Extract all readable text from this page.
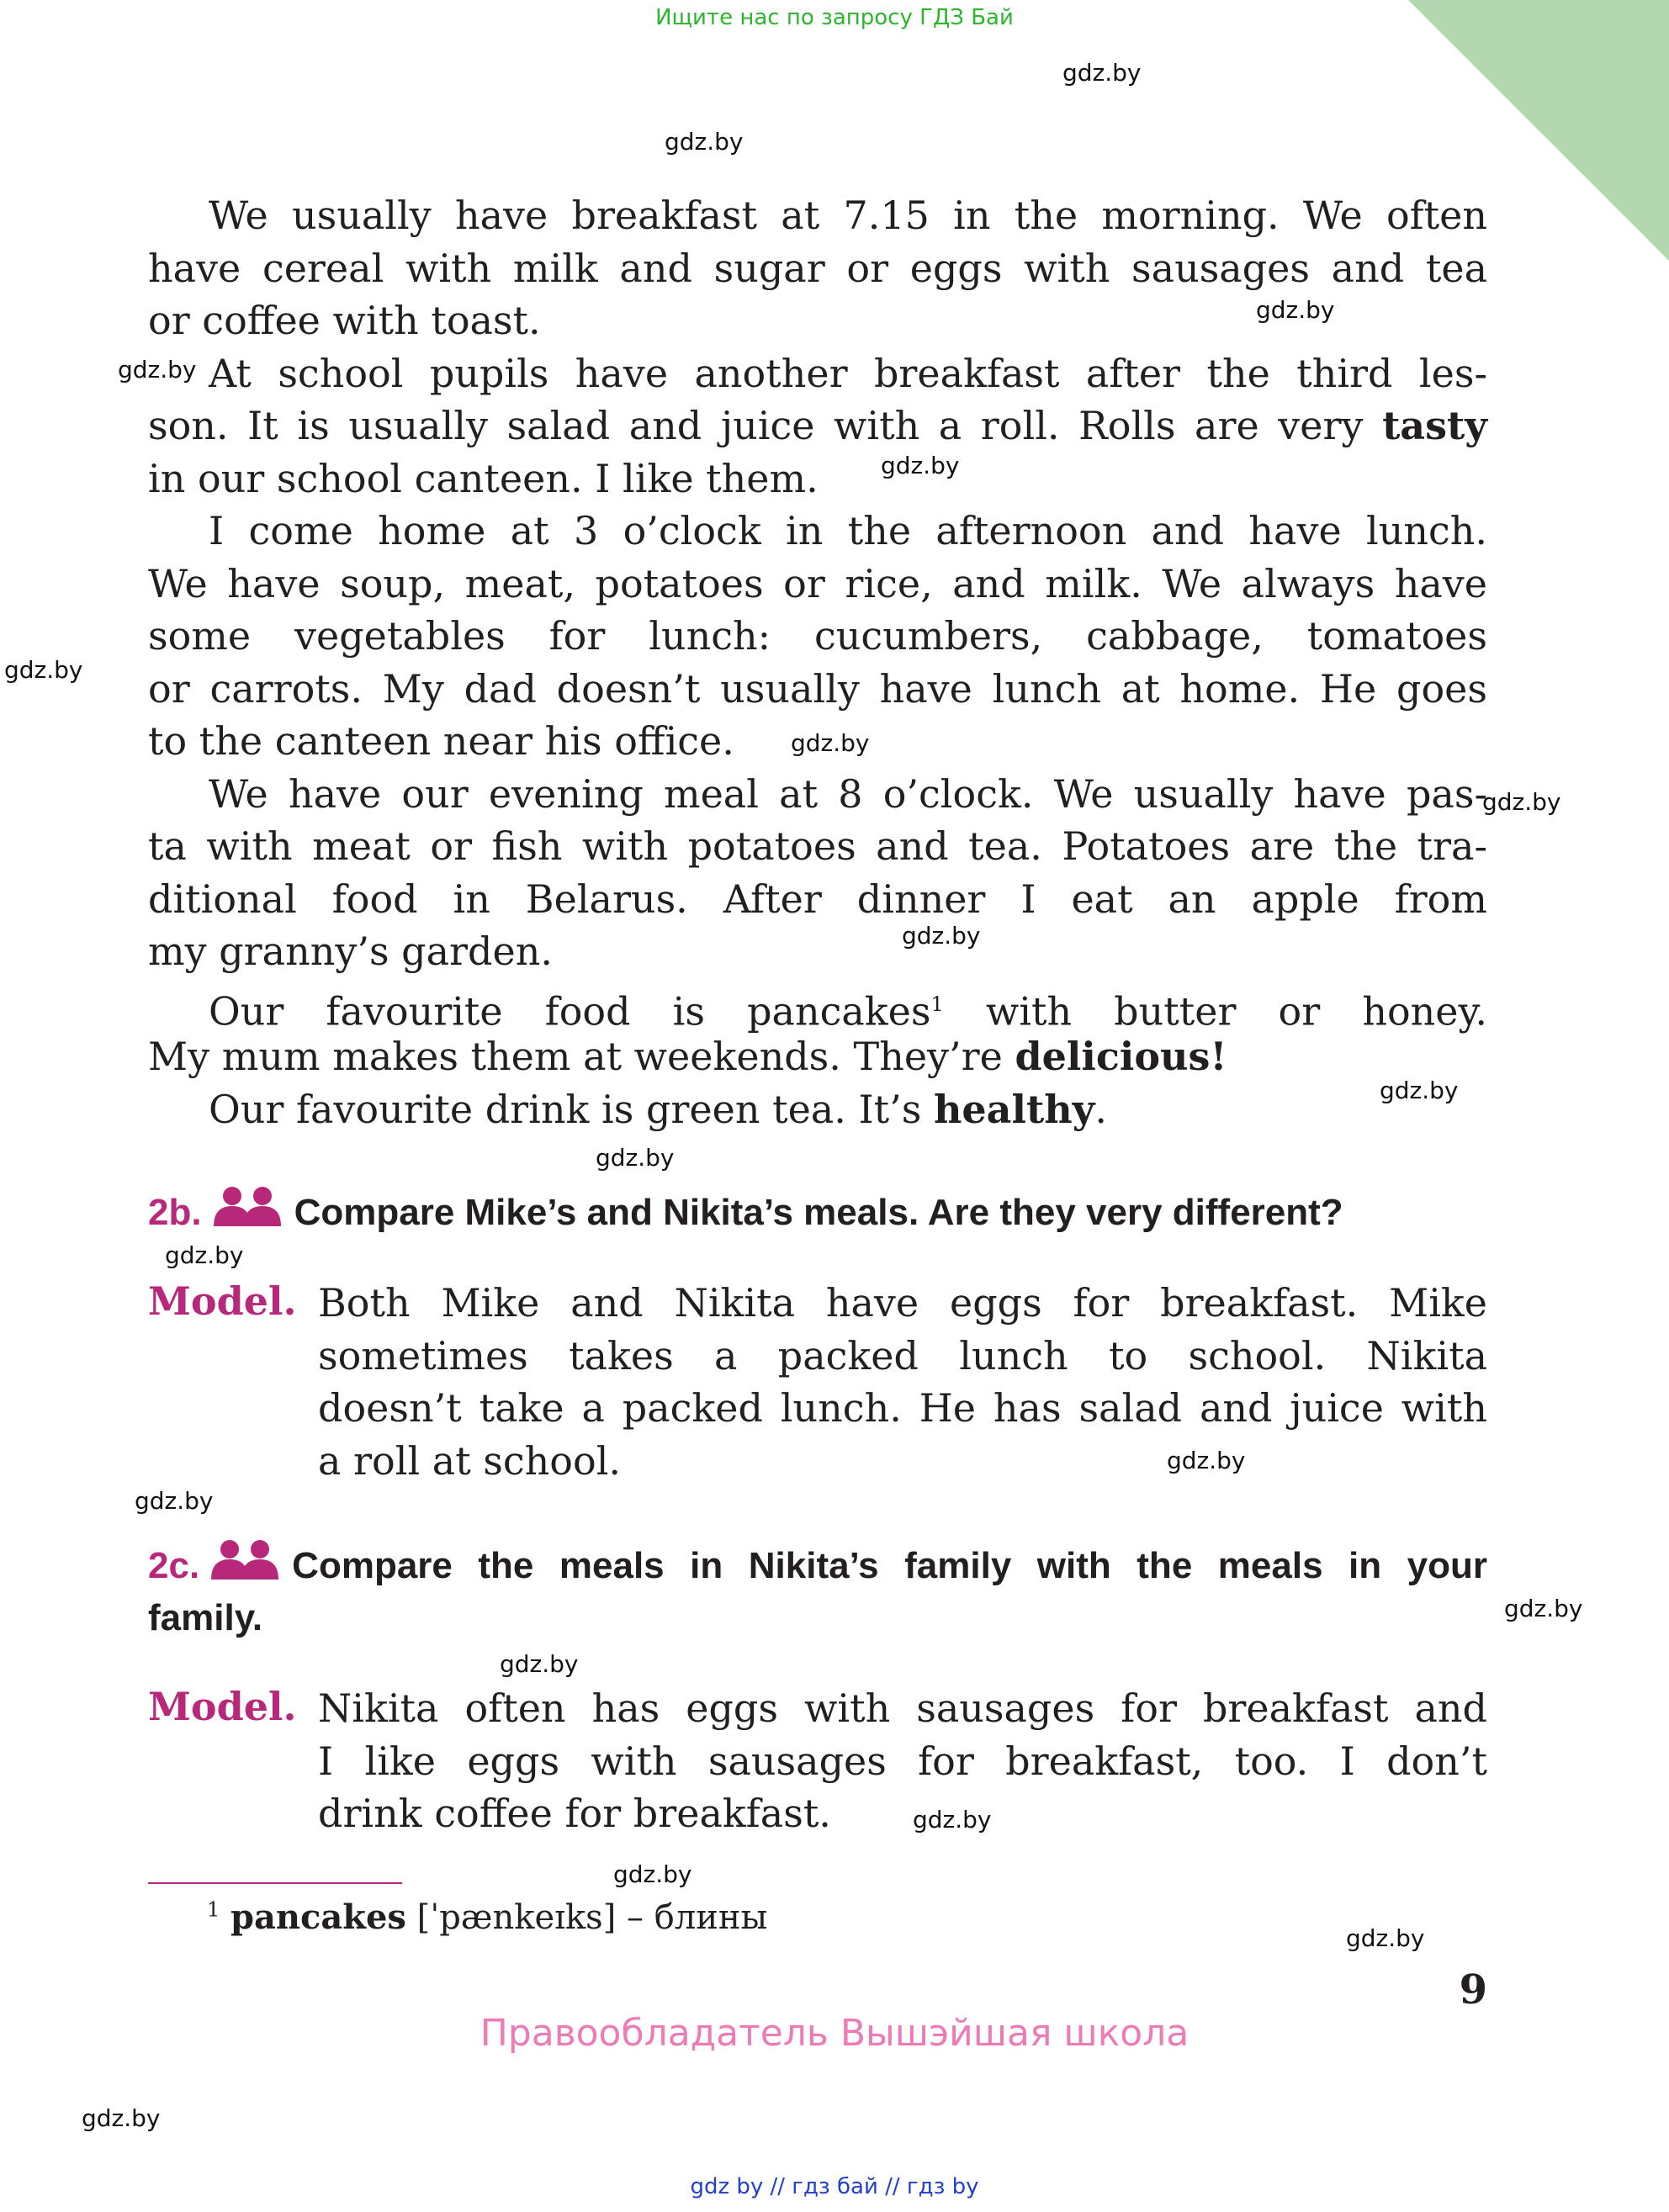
Ищите нас по запросу ГДЗ Бай
gdz.by
gdz.by
gdz.by
gdz.by
gdz.by
gdz.by
gdz.by
gdz.by
gdz.by
gdz.by
gdz.by
gdz.by
gdz.by
gdz.by
gdz.by
gdz.by
gdz.by
gdz.by
gdz.by
gdz.by
We usually have breakfast at 7.15 in the morning. We often
have cereal with milk and sugar or eggs with sausages and tea
or coffee with toast.
At school pupils have another breakfast after the third les-
son. It is usually salad and juice with a roll. Rolls are very tasty
in our school canteen. I like them.
I come home at 3 o’clock in the afternoon and have lunch.
We have soup, meat, potatoes or rice, and milk. We always have
some vegetables for lunch: cucumbers, cabbage, tomatoes
or carrots. My dad doesn’t usually have lunch at home. He goes
to the canteen near his office.
We have our evening meal at 8 o’clock. We usually have pas-
ta with meat or fish with potatoes and tea. Potatoes are the tra-
ditional food in Belarus. After dinner I eat an apple from
my granny’s garden.
Our favourite food is pancakes$^1$ with butter or honey.
My mum makes them at weekends. They’re delicious!
Our favourite drink is green tea. It’s healthy.
2b.	Compare Mike’s and Nikita’s meals. Are they very different?
Model. Both Mike and Nikita have eggs for breakfast. Mike
sometimes takes a packed lunch to school. Nikita
doesn’t take a packed lunch. He has salad and juice with
a roll at school.
2c.	Compare the meals in Nikita’s family with the meals in your
family.
Model. Nikita often has eggs with sausages for breakfast and
I like eggs with sausages for breakfast, too. I don’t
drink coffee for breakfast.
$^1$ pancakes [ˈpænkeɪks] – блины
9
Правообладатель Вышэйшая школа
gdz by // гдз бай // гдз by
